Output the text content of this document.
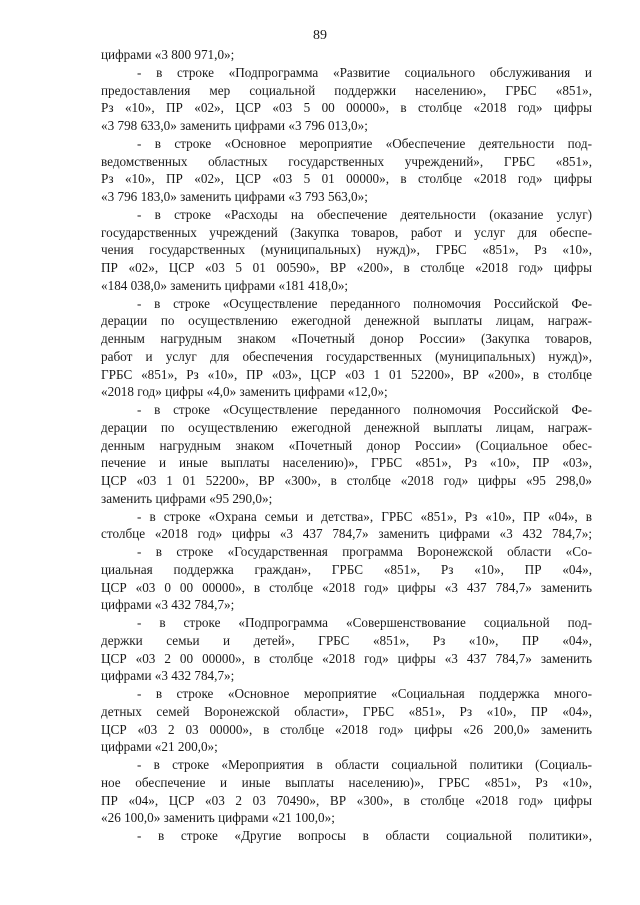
89
цифрами «3 800 971,0»;
- в строке «Подпрограмма «Развитие социального обслуживания и
предоставления мер социальной поддержки населению», ГРБС «851»,
Рз «10», ПР «02», ЦСР «03 5 00 00000», в столбце «2018 год» цифры
«3 798 633,0» заменить цифрами «3 796 013,0»;
- в строке «Основное мероприятие «Обеспечение деятельности под-
ведомственных областных государственных учреждений», ГРБС «851»,
Рз «10», ПР «02», ЦСР «03 5 01 00000», в столбце «2018 год» цифры
«3 796 183,0» заменить цифрами «3 793 563,0»;
- в строке «Расходы на обеспечение деятельности (оказание услуг)
государственных учреждений (Закупка товаров, работ и услуг для обеспе-
чения государственных (муниципальных) нужд)», ГРБС «851», Рз «10»,
ПР «02», ЦСР «03 5 01 00590», ВР «200», в столбце «2018 год» цифры
«184 038,0» заменить цифрами «181 418,0»;
- в строке «Осуществление переданного полномочия Российской Фе-
дерации по осуществлению ежегодной денежной выплаты лицам, награж-
денным нагрудным знаком «Почетный донор России» (Закупка товаров,
работ и услуг для обеспечения государственных (муниципальных) нужд)»,
ГРБС «851», Рз «10», ПР «03», ЦСР «03 1 01 52200», ВР «200», в столбце
«2018 год» цифры «4,0» заменить цифрами «12,0»;
- в строке «Осуществление переданного полномочия Российской Фе-
дерации по осуществлению ежегодной денежной выплаты лицам, награж-
денным нагрудным знаком «Почетный донор России» (Социальное обес-
печение и иные выплаты населению)», ГРБС «851», Рз «10», ПР «03»,
ЦСР «03 1 01 52200», ВР «300», в столбце «2018 год» цифры «95 298,0»
заменить цифрами «95 290,0»;
- в строке «Охрана семьи и детства», ГРБС «851», Рз «10», ПР «04», в
столбце «2018 год» цифры «3 437 784,7» заменить цифрами «3 432 784,7»;
- в строке «Государственная программа Воронежской области «Со-
циальная поддержка граждан», ГРБС «851», Рз «10», ПР «04»,
ЦСР «03 0 00 00000», в столбце «2018 год» цифры «3 437 784,7» заменить
цифрами «3 432 784,7»;
- в строке «Подпрограмма «Совершенствование социальной под-
держки семьи и детей», ГРБС «851», Рз «10», ПР «04»,
ЦСР «03 2 00 00000», в столбце «2018 год» цифры «3 437 784,7» заменить
цифрами «3 432 784,7»;
- в строке «Основное мероприятие «Социальная поддержка много-
детных семей Воронежской области», ГРБС «851», Рз «10», ПР «04»,
ЦСР «03 2 03 00000», в столбце «2018 год» цифры «26 200,0» заменить
цифрами «21 200,0»;
- в строке «Мероприятия в области социальной политики (Социаль-
ное обеспечение и иные выплаты населению)», ГРБС «851», Рз «10»,
ПР «04», ЦСР «03 2 03 70490», ВР «300», в столбце «2018 год» цифры
«26 100,0» заменить цифрами «21 100,0»;
- в строке «Другие вопросы в области социальной политики»,
